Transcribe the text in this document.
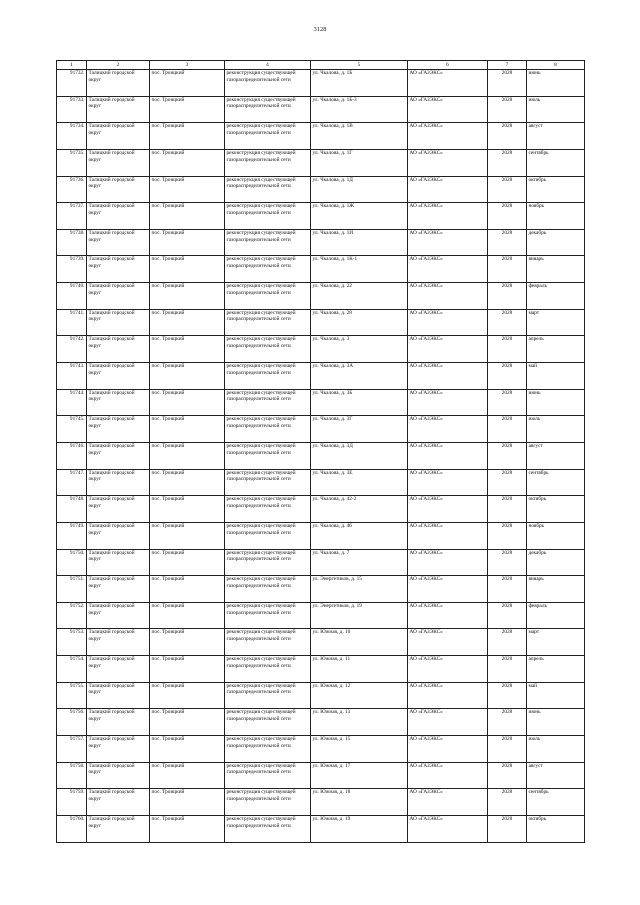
3128
1	2	3	4	5	6	7	8
91732.	Талицкий городской округ	пос. Троицкий	реконструкция существующей газораспределительной сети	ул. Чкалова, д. 1Б	АО «ГАЗЭКС»	2028	июнь
91733.	Талицкий городской округ	пос. Троицкий	реконструкция существующей газораспределительной сети	ул. Чкалова, д. 1Б-3	АО «ГАЗЭКС»	2028	июль
91734.	Талицкий городской округ	пос. Троицкий	реконструкция существующей газораспределительной сети	ул. Чкалова, д. 1В	АО «ГАЗЭКС»	2028	август
91735.	Талицкий городской округ	пос. Троицкий	реконструкция существующей газораспределительной сети	ул. Чкалова, д. 1Г	АО «ГАЗЭКС»	2028	сентябрь
91736.	Талицкий городской округ	пос. Троицкий	реконструкция существующей газораспределительной сети	ул. Чкалова, д. 1Д	АО «ГАЗЭКС»	2028	октябрь
91737.	Талицкий городской округ	пос. Троицкий	реконструкция существующей газораспределительной сети	ул. Чкалова, д. 1Ж	АО «ГАЗЭКС»	2028	ноябрь
91738.	Талицкий городской округ	пос. Троицкий	реконструкция существующей газораспределительной сети	ул. Чкалова, д. 1И	АО «ГАЗЭКС»	2028	декабрь
91739.	Талицкий городской округ	пос. Троицкий	реконструкция существующей газораспределительной сети	ул. Чкалова, д. 1К-1	АО «ГАЗЭКС»	2028	январь
91740.	Талицкий городской округ	пос. Троицкий	реконструкция существующей газораспределительной сети	ул. Чкалова, д. 22	АО «ГАЗЭКС»	2028	февраль
91741.	Талицкий городской округ	пос. Троицкий	реконструкция существующей газораспределительной сети	ул. Чкалова, д. 28	АО «ГАЗЭКС»	2028	март
91742.	Талицкий городской округ	пос. Троицкий	реконструкция существующей газораспределительной сети	ул. Чкалова, д. 3	АО «ГАЗЭКС»	2028	апрель
91743.	Талицкий городской округ	пос. Троицкий	реконструкция существующей газораспределительной сети	ул. Чкалова, д. 3А	АО «ГАЗЭКС»	2028	май
91744.	Талицкий городской округ	пос. Троицкий	реконструкция существующей газораспределительной сети	ул. Чкалова, д. 3Б	АО «ГАЗЭКС»	2028	июнь
91745.	Талицкий городской округ	пос. Троицкий	реконструкция существующей газораспределительной сети	ул. Чкалова, д. 3Г	АО «ГАЗЭКС»	2028	июль
91746.	Талицкий городской округ	пос. Троицкий	реконструкция существующей газораспределительной сети	ул. Чкалова, д. 3Д	АО «ГАЗЭКС»	2028	август
91747.	Талицкий городской округ	пос. Троицкий	реконструкция существующей газораспределительной сети	ул. Чкалова, д. 3Е	АО «ГАЗЭКС»	2028	сентябрь
91748.	Талицкий городской округ	пос. Троицкий	реконструкция существующей газораспределительной сети	ул. Чкалова, д. 42-2	АО «ГАЗЭКС»	2028	октябрь
91749.	Талицкий городской округ	пос. Троицкий	реконструкция существующей газораспределительной сети	ул. Чкалова, д. 46	АО «ГАЗЭКС»	2028	ноябрь
91750.	Талицкий городской округ	пос. Троицкий	реконструкция существующей газораспределительной сети	ул. Чкалова, д. 7	АО «ГАЗЭКС»	2028	декабрь
91751.	Талицкий городской округ	пос. Троицкий	реконструкция существующей газораспределительной сети	ул. Энергетиков, д. 15	АО «ГАЗЭКС»	2028	январь
91752.	Талицкий городской округ	пос. Троицкий	реконструкция существующей газораспределительной сети	ул. Энергетиков, д. 19	АО «ГАЗЭКС»	2028	февраль
91753.	Талицкий городской округ	пос. Троицкий	реконструкция существующей газораспределительной сети	ул. Южная, д. 10	АО «ГАЗЭКС»	2028	март
91754.	Талицкий городской округ	пос. Троицкий	реконструкция существующей газораспределительной сети	ул. Южная, д. 11	АО «ГАЗЭКС»	2028	апрель
91755.	Талицкий городской округ	пос. Троицкий	реконструкция существующей газораспределительной сети	ул. Южная, д. 12	АО «ГАЗЭКС»	2028	май
91756.	Талицкий городской округ	пос. Троицкий	реконструкция существующей газораспределительной сети	ул. Южная, д. 13	АО «ГАЗЭКС»	2028	июнь
91757.	Талицкий городской округ	пос. Троицкий	реконструкция существующей газораспределительной сети	ул. Южная, д. 15	АО «ГАЗЭКС»	2028	июль
91758.	Талицкий городской округ	пос. Троицкий	реконструкция существующей газораспределительной сети	ул. Южная, д. 17	АО «ГАЗЭКС»	2028	август
91759.	Талицкий городской округ	пос. Троицкий	реконструкция существующей газораспределительной сети	ул. Южная, д. 18	АО «ГАЗЭКС»	2028	сентябрь
91760.	Талицкий городской округ	пос. Троицкий	реконструкция существующей газораспределительной сети	ул. Южная, д. 19	АО «ГАЗЭКС»	2028	октябрь
